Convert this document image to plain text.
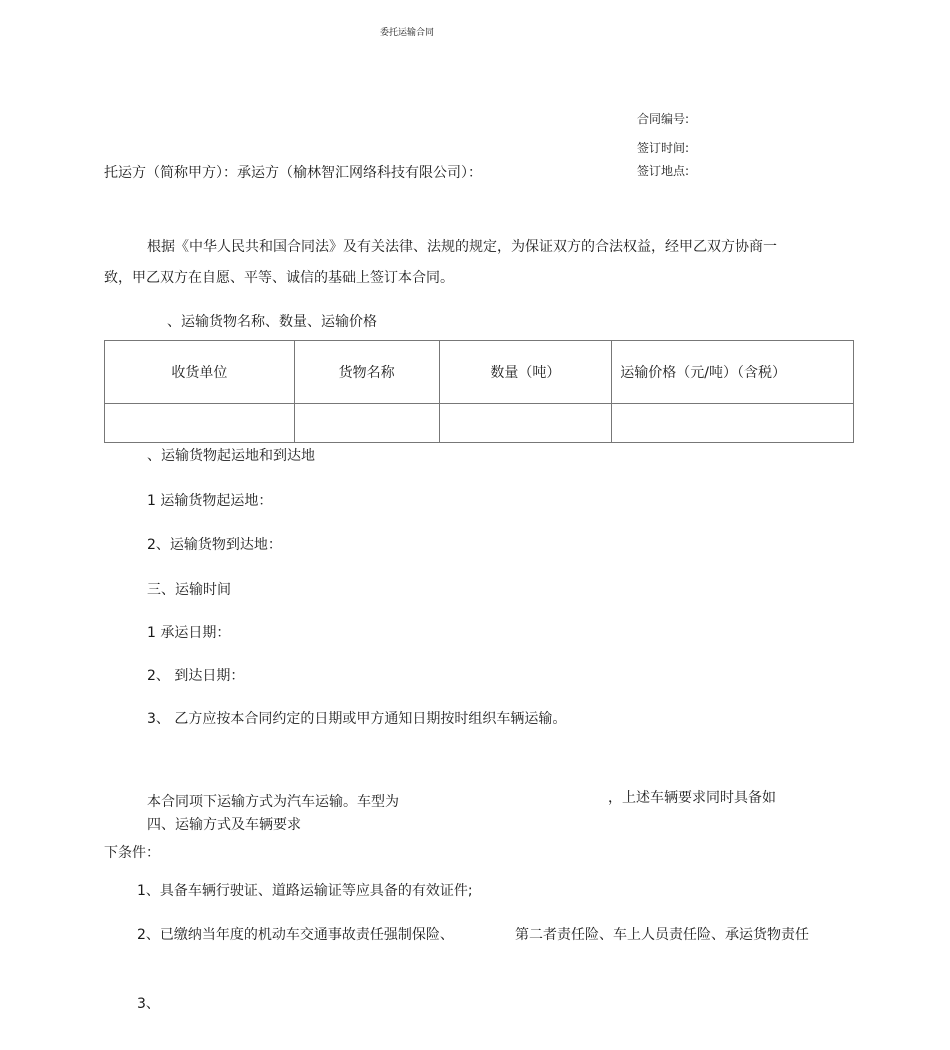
委托运输合同
合同编号:
签订时间:
签订地点:
托运方（简称甲方）：承运方（榆林智汇网络科技有限公司）：
根据《中华人民共和国合同法》及有关法律、法规的规定，为保证双方的合法权益，经甲乙双方协商一
致，甲乙双方在自愿、平等、诚信的基础上签订本合同。
、运输货物名称、数量、运输价格
收货单位	货物名称	数量（吨）	运输价格（元/吨）（含税）

、运输货物起运地和到达地
1 运输货物起运地：
2、运输货物到达地：
三、运输时间
1 承运日期：
2、 到达日期：
3、 乙方应按本合同约定的日期或甲方通知日期按时组织车辆运输。
本合同项下运输方式为汽车运输。车型为	，上述车辆要求同时具备如
四、运输方式及车辆要求
下条件：
1、具备车辆行驶证、道路运输证等应具备的有效证件;
2、已缴纳当年度的机动车交通事故责任强制保险、	第二者责任险、车上人员责任险、承运货物责任
3、
